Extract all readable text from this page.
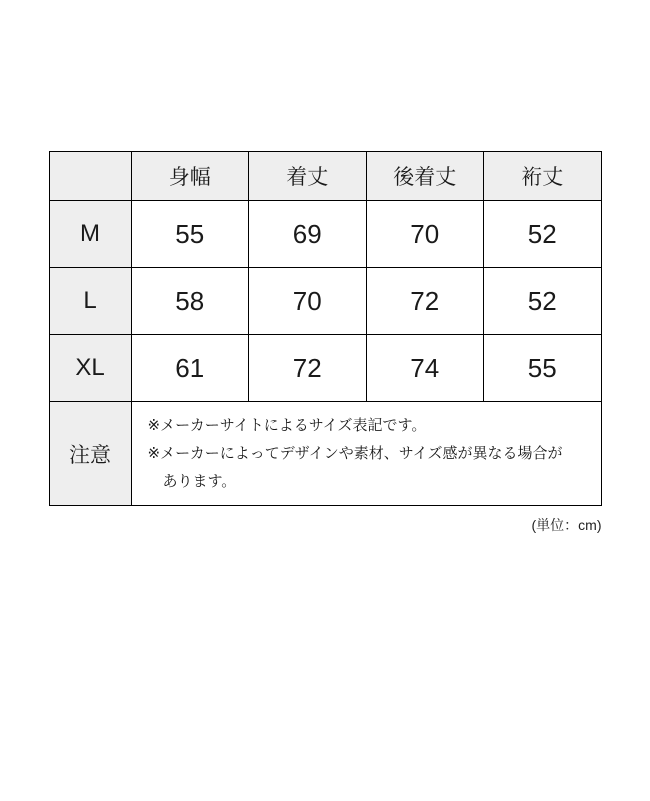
	身幅	着丈	後着丈	裄丈
M	55	69	70	52
L	58	70	72	52
XL	61	72	74	55
注意	※メーカーサイトによるサイズ表記です。
※メーカーによってデザインや素材、サイズ感が異なる場合があります。			
(単位：cm)
